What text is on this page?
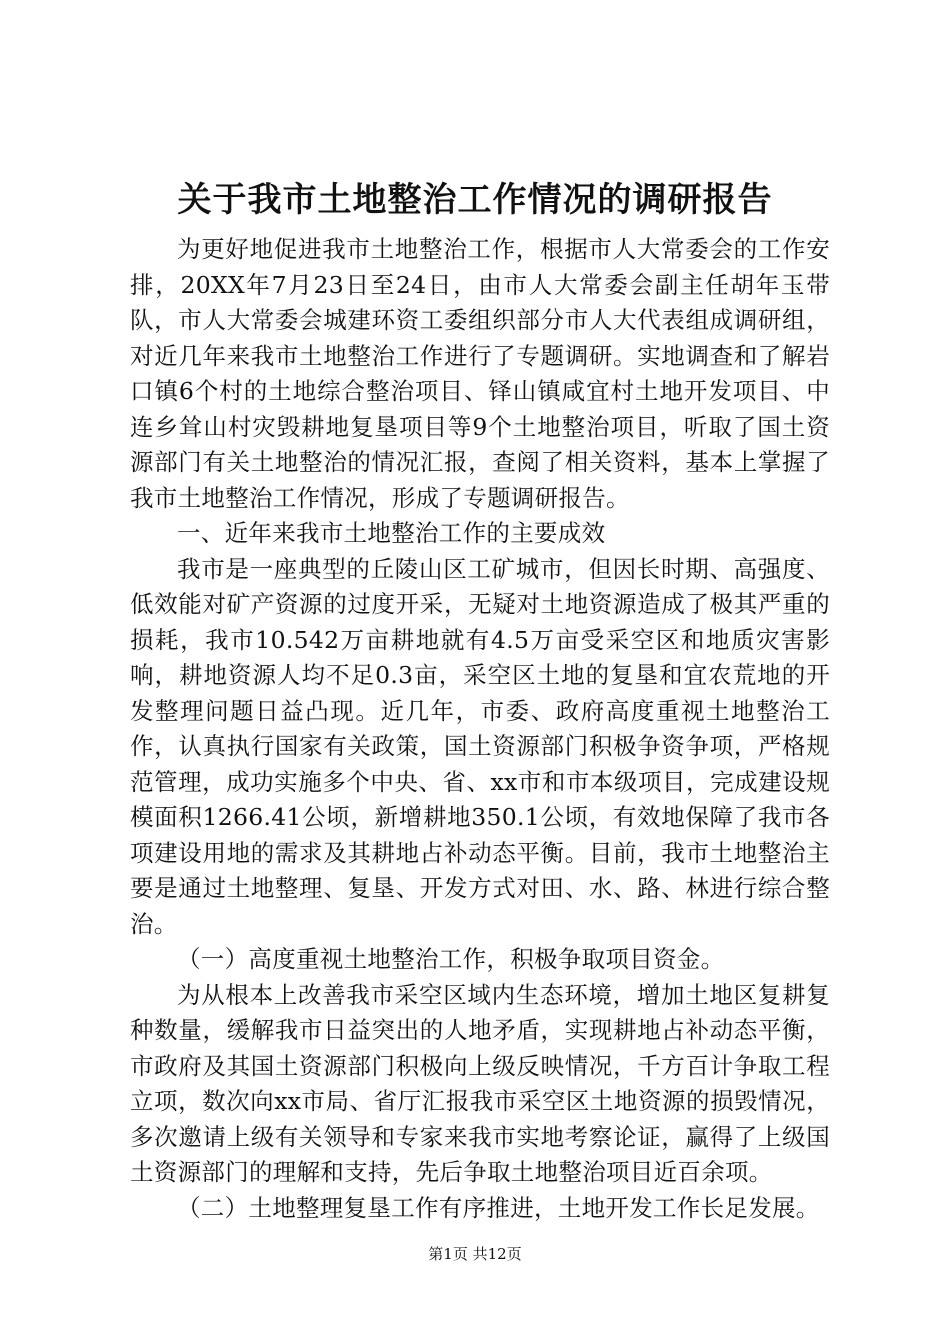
关于我市土地整治工作情况的调研报告

为更好地促进我市土地整治工作，根据市人大常委会的工作安排，20XX年7月23日至24日，由市人大常委会副主任胡年玉带队，市人大常委会城建环资工委组织部分市人大代表组成调研组，对近几年来我市土地整治工作进行了专题调研。实地调查和了解岩口镇6个村的土地综合整治项目、铎山镇咸宜村土地开发项目、中连乡耸山村灾毁耕地复垦项目等9个土地整治项目，听取了国土资源部门有关土地整治的情况汇报，查阅了相关资料，基本上掌握了我市土地整治工作情况，形成了专题调研报告。

一、近年来我市土地整治工作的主要成效

我市是一座典型的丘陵山区工矿城市，但因长时期、高强度、低效能对矿产资源的过度开采，无疑对土地资源造成了极其严重的损耗，我市10.542万亩耕地就有4.5万亩受采空区和地质灾害影响，耕地资源人均不足0.3亩，采空区土地的复垦和宜农荒地的开发整理问题日益凸现。近几年，市委、政府高度重视土地整治工作，认真执行国家有关政策，国土资源部门积极争资争项，严格规范管理，成功实施多个中央、省、xx市和市本级项目，完成建设规模面积1266.41公顷，新增耕地350.1公顷，有效地保障了我市各项建设用地的需求及其耕地占补动态平衡。目前，我市土地整治主要是通过土地整理、复垦、开发方式对田、水、路、林进行综合整治。

（一）高度重视土地整治工作，积极争取项目资金。

为从根本上改善我市采空区域内生态环境，增加土地区复耕复种数量，缓解我市日益突出的人地矛盾，实现耕地占补动态平衡，市政府及其国土资源部门积极向上级反映情况，千方百计争取工程立项，数次向xx市局、省厅汇报我市采空区土地资源的损毁情况，多次邀请上级有关领导和专家来我市实地考察论证，赢得了上级国土资源部门的理解和支持，先后争取土地整治项目近百余项。

（二）土地整理复垦工作有序推进，土地开发工作长足发展。

第1页 共12页
